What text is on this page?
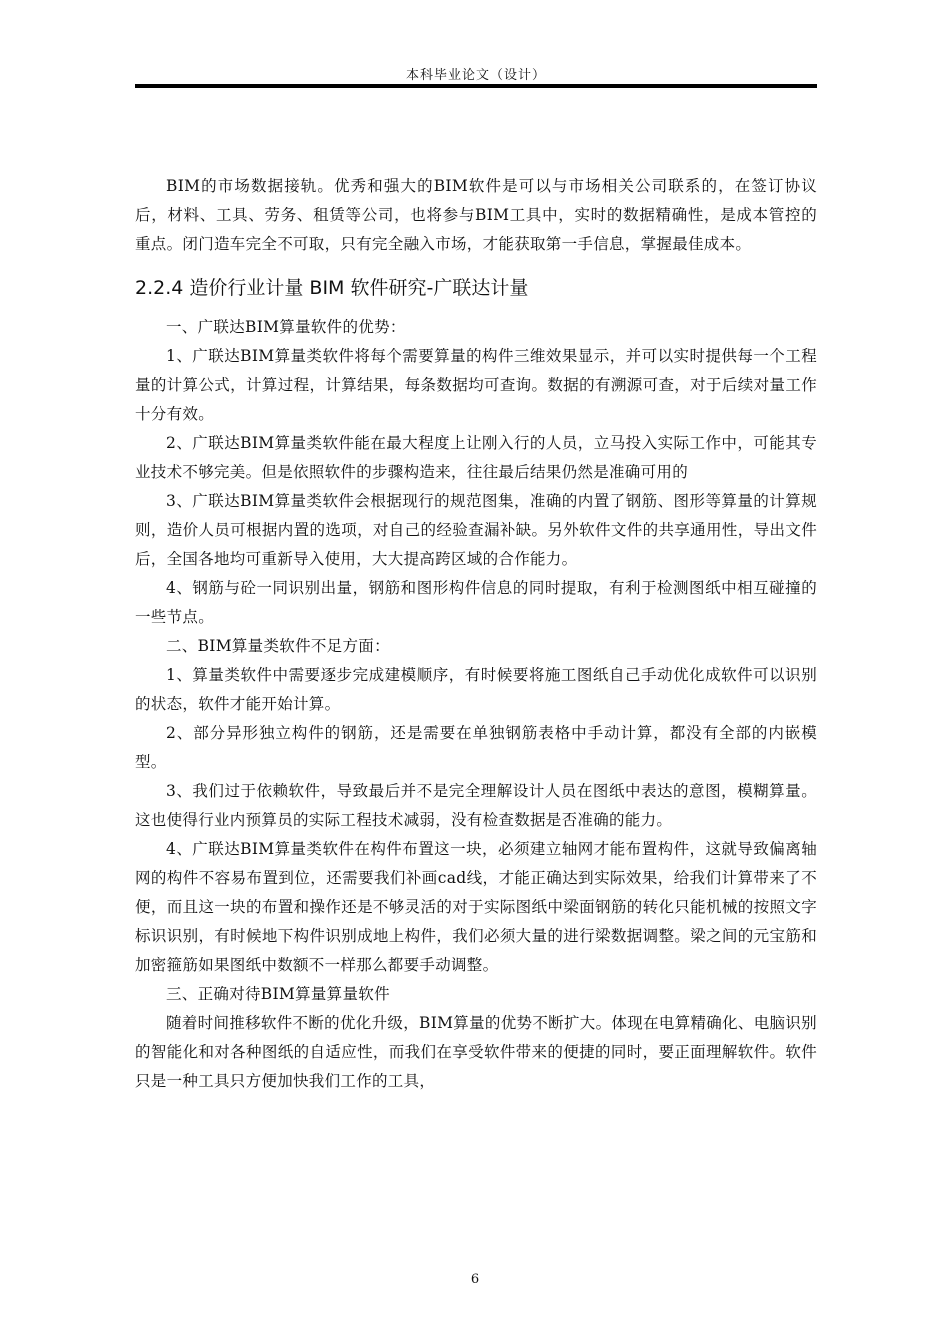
本科毕业论文（设计）

BIM的市场数据接轨。优秀和强大的BIM软件是可以与市场相关公司联系的，在签订协议后，材料、工具、劳务、租赁等公司，也将参与BIM工具中，实时的数据精确性，是成本管控的重点。闭门造车完全不可取，只有完全融入市场，才能获取第一手信息，掌握最佳成本。

2.2.4 造价行业计量 BIM 软件研究-广联达计量

一、广联达BIM算量软件的优势：

1、广联达BIM算量类软件将每个需要算量的构件三维效果显示，并可以实时提供每一个工程量的计算公式，计算过程，计算结果，每条数据均可查询。数据的有溯源可查，对于后续对量工作十分有效。

2、广联达BIM算量类软件能在最大程度上让刚入行的人员，立马投入实际工作中，可能其专业技术不够完美。但是依照软件的步骤构造来，往往最后结果仍然是准确可用的

3、广联达BIM算量类软件会根据现行的规范图集，准确的内置了钢筋、图形等算量的计算规则，造价人员可根据内置的选项，对自己的经验查漏补缺。另外软件文件的共享通用性，导出文件后，全国各地均可重新导入使用，大大提高跨区域的合作能力。

4、钢筋与砼一同识别出量，钢筋和图形构件信息的同时提取，有利于检测图纸中相互碰撞的一些节点。

二、BIM算量类软件不足方面：

1、算量类软件中需要逐步完成建模顺序，有时候要将施工图纸自己手动优化成软件可以识别的状态，软件才能开始计算。

2、部分异形独立构件的钢筋，还是需要在单独钢筋表格中手动计算，都没有全部的内嵌模型。

3、我们过于依赖软件，导致最后并不是完全理解设计人员在图纸中表达的意图，模糊算量。这也使得行业内预算员的实际工程技术减弱，没有检查数据是否准确的能力。

4、广联达BIM算量类软件在构件布置这一块，必须建立轴网才能布置构件，这就导致偏离轴网的构件不容易布置到位，还需要我们补画cad线，才能正确达到实际效果，给我们计算带来了不便，而且这一块的布置和操作还是不够灵活的对于实际图纸中梁面钢筋的转化只能机械的按照文字标识识别，有时候地下构件识别成地上构件，我们必须大量的进行梁数据调整。梁之间的元宝筋和加密箍筋如果图纸中数额不一样那么都要手动调整。

三、正确对待BIM算量算量软件

随着时间推移软件不断的优化升级，BIM算量的优势不断扩大。体现在电算精确化、电脑识别的智能化和对各种图纸的自适应性，而我们在享受软件带来的便捷的同时，要正面理解软件。软件只是一种工具只方便加快我们工作的工具，

6
